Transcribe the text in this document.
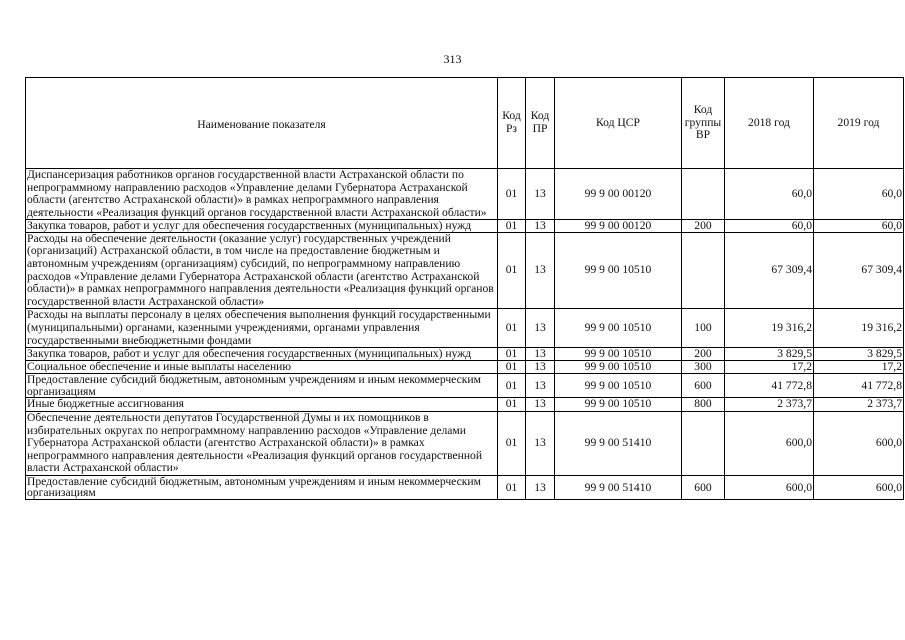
313
Наименование показателя	Код Рз	Код ПР	Код ЦСР	Код группы ВР	2018 год	2019 год
Диспансеризация работников органов государственной власти Астраханской области по непрограммному направлению расходов «Управление делами Губернатора Астраханской области (агентство Астраханской области)» в рамках непрограммного направления деятельности «Реализация функций органов государственной власти Астраханской области»	01	13	99 9 00 00120		60,0	60,0
Закупка товаров, работ и услуг для обеспечения государственных (муниципальных) нужд	01	13	99 9 00 00120	200	60,0	60,0
Расходы на обеспечение деятельности (оказание услуг) государственных учреждений (организаций) Астраханской области, в том числе на предоставление бюджетным и автономным учреждениям (организациям) субсидий, по непрограммному направлению расходов «Управление делами Губернатора Астраханской области (агентство Астраханской области)» в рамках непрограммного направления деятельности «Реализация функций органов государственной власти Астраханской области»	01	13	99 9 00 10510		67 309,4	67 309,4
Расходы на выплаты персоналу в целях обеспечения выполнения функций государственными (муниципальными) органами, казенными учреждениями, органами управления государственными внебюджетными фондами	01	13	99 9 00 10510	100	19 316,2	19 316,2
Закупка товаров, работ и услуг для обеспечения государственных (муниципальных) нужд	01	13	99 9 00 10510	200	3 829,5	3 829,5
Социальное обеспечение и иные выплаты населению	01	13	99 9 00 10510	300	17,2	17,2
Предоставление субсидий бюджетным, автономным учреждениям и иным некоммерческим организациям	01	13	99 9 00 10510	600	41 772,8	41 772,8
Иные бюджетные ассигнования	01	13	99 9 00 10510	800	2 373,7	2 373,7
Обеспечение деятельности депутатов Государственной Думы и их помощников в избирательных округах по непрограммному направлению расходов «Управление делами Губернатора Астраханской области (агентство Астраханской области)» в рамках непрограммного направления деятельности «Реализация функций органов государственной власти Астраханской области»	01	13	99 9 00 51410		600,0	600,0
Предоставление субсидий бюджетным, автономным учреждениям и иным некоммерческим организациям	01	13	99 9 00 51410	600	600,0	600,0
